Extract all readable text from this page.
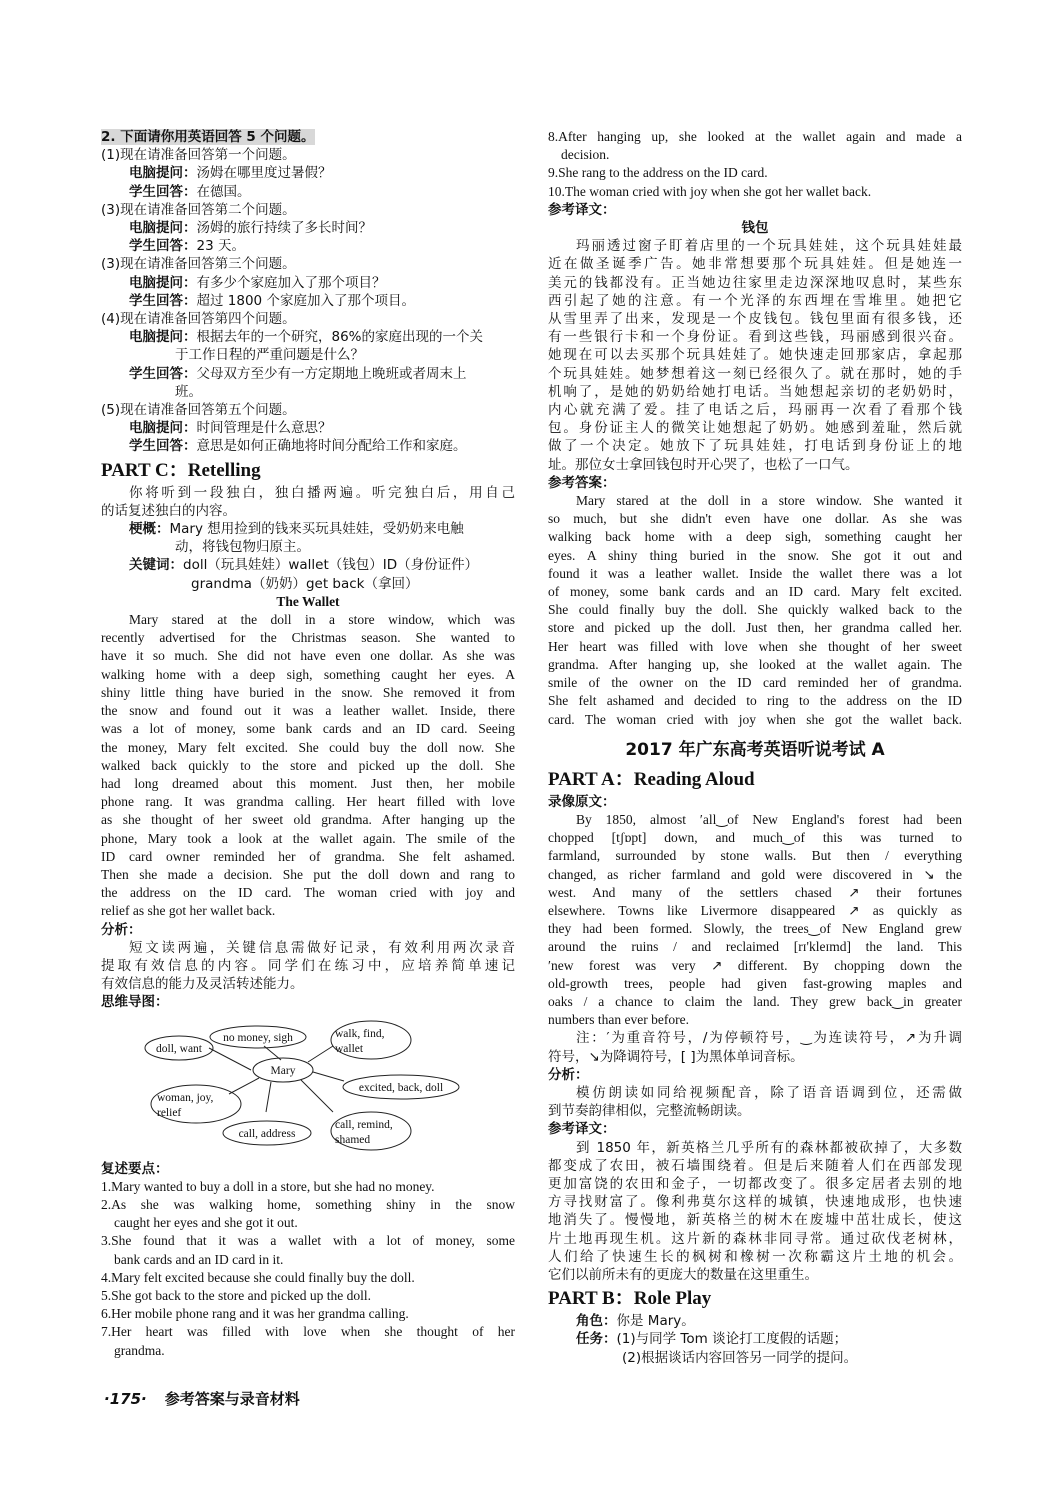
2. 下面请你用英语回答 5 个问题。

(1)现在请准备回答第一个问题。

电脑提问：汤姆在哪里度过暑假？

学生回答：在德国。

(3)现在请准备回答第二个问题。

电脑提问：汤姆的旅行持续了多长时间？

学生回答：23 天。

(3)现在请准备回答第三个问题。

电脑提问：有多少个家庭加入了那个项目？

学生回答：超过 1800 个家庭加入了那个项目。

(4)现在请准备回答第四个问题。

电脑提问：根据去年的一个研究，86%的家庭出现的一个关

于工作日程的严重问题是什么？

学生回答：父母双方至少有一方定期地上晚班或者周末上

班。

(5)现在请准备回答第五个问题。

电脑提问：时间管理是什么意思？

学生回答：意思是如何正确地将时间分配给工作和家庭。

PART C：Retelling

你将听到一段独白，独白播两遍。听完独白后，用自己

的话复述独白的内容。

梗概：Mary 想用捡到的钱来买玩具娃娃，受奶奶来电触

动，将钱包物归原主。

关键词：doll（玩具娃娃）wallet（钱包）ID（身份证件）

grandma（奶奶）get back（拿回）

The Wallet

Mary stared at the doll in a store window, which was

recently advertised for the Christmas season. She wanted to

have it so much. She did not have even one dollar. As she was

walking home with a deep sigh, something caught her eyes. A

shiny little thing have buried in the snow. She removed it from

the snow and found out it was a leather wallet. Inside, there

was a lot of money, some bank cards and an ID card. Seeing

the money, Mary felt excited. She could buy the doll now. She

walked back quickly to the store and picked up the doll. She

had long dreamed about this moment. Just then, her mobile

phone rang. It was grandma calling. Her heart filled with love

as she thought of her sweet old grandma. After hanging up the

phone, Mary took a look at the wallet again. The smile of the

ID card owner reminded her of grandma. She felt ashamed.

Then she made a decision. She put the doll down and rang to

the address on the ID card. The woman cried with joy and

relief as she got her wallet back.

分析：

短文读两遍，关键信息需做好记录，有效利用两次录音

提取有效信息的内容。同学们在练习中，应培养简单速记

有效信息的能力及灵活转述能力。

思维导图：

no money, sigh
doll, want
walk, find,
wallet
Mary
excited, back, doll
woman, joy,
relief
call, address
call, remind,
shamed

复述要点：

1.Mary wanted to buy a doll in a store, but she had no money.

2.As she was walking home, something shiny in the snow

caught her eyes and she got it out.

3.She found that it was a wallet with a lot of money, some

bank cards and an ID card in it.

4.Mary felt excited because she could finally buy the doll.

5.She got back to the store and picked up the doll.

6.Her mobile phone rang and it was her grandma calling.

7.Her heart was filled with love when she thought of her

grandma.

8.After hanging up, she looked at the wallet again and made a

decision.

9.She rang to the address on the ID card.

10.The woman cried with joy when she got her wallet back.

参考译文：

钱包

玛丽透过窗子盯着店里的一个玩具娃娃，这个玩具娃娃最

近在做圣诞季广告。她非常想要那个玩具娃娃。但是她连一

美元的钱都没有。正当她边往家里走边深深地叹息时，某些东

西引起了她的注意。有一个光泽的东西埋在雪堆里。她把它

从雪里弄了出来，发现是一个皮钱包。钱包里面有很多钱，还

有一些银行卡和一个身份证。看到这些钱，玛丽感到很兴奋。

她现在可以去买那个玩具娃娃了。她快速走回那家店，拿起那

个玩具娃娃。她梦想着这一刻已经很久了。就在那时，她的手

机响了，是她的奶奶给她打电话。当她想起亲切的老奶奶时，

内心就充满了爱。挂了电话之后，玛丽再一次看了看那个钱

包。身份证主人的微笑让她想起了奶奶。她感到羞耻，然后就

做了一个决定。她放下了玩具娃娃，打电话到身份证上的地

址。那位女士拿回钱包时开心哭了，也松了一口气。

参考答案：

Mary stared at the doll in a store window. She wanted it

so much, but she didn't even have one dollar. As she was

walking back home with a deep sigh, something caught her

eyes. A shiny thing buried in the snow. She got it out and

found it was a leather wallet. Inside the wallet there was a lot

of money, some bank cards and an ID card. Mary felt excited.

She could finally buy the doll. She quickly walked back to the

store and picked up the doll. Just then, her grandma called her.

Her heart was filled with love when she thought of her sweet

grandma. After hanging up, she looked at the wallet again. The

smile of the owner on the ID card reminded her of grandma.

She felt ashamed and decided to ring to the address on the ID

card. The woman cried with joy when she got the wallet back.

2017 年广东高考英语听说考试 A

PART A：Reading Aloud

录像原文：

By 1850, almost ′all‿of New England's forest had been

chopped [tʃɒpt] down, and much‿of this was turned to

farmland, surrounded by stone walls. But then / everything

changed, as richer farmland and gold were discovered in ↘ the

west. And many of the settlers chased ↗ their fortunes

elsewhere. Towns like Livermore disappeared ↗ as quickly as

they had been formed. Slowly, the trees‿of New England grew

around the ruins / and reclaimed [rɪ'kleɪmd] the land. This

′new forest was very ↗ different. By chopping down the

old-growth trees, people had given fast-growing maples and

oaks / a chance to claim the land. They grew back‿in greater

numbers than ever before.

注：′为重音符号，/为停顿符号，‿为连读符号，↗为升调

符号，↘为降调符号，[ ]为黑体单词音标。

分析：

模仿朗读如同给视频配音，除了语音语调到位，还需做

到节奏韵律相似，完整流畅朗读。

参考译文：

到 1850 年，新英格兰几乎所有的森林都被砍掉了，大多数

都变成了农田，被石墙围绕着。但是后来随着人们在西部发现

更加富饶的农田和金子，一切都改变了。很多定居者去别的地

方寻找财富了。像利弗莫尔这样的城镇，快速地成形，也快速

地消失了。慢慢地，新英格兰的树木在废墟中茁壮成长，使这

片土地再现生机。这片新的森林非同寻常。通过砍伐老树林，

人们给了快速生长的枫树和橡树一次称霸这片土地的机会。

它们以前所未有的更庞大的数量在这里重生。

PART B：Role Play

角色：你是 Mary。

任务：(1)与同学 Tom 谈论打工度假的话题；

(2)根据谈话内容回答另一同学的提问。

·175· 参考答案与录音材料
